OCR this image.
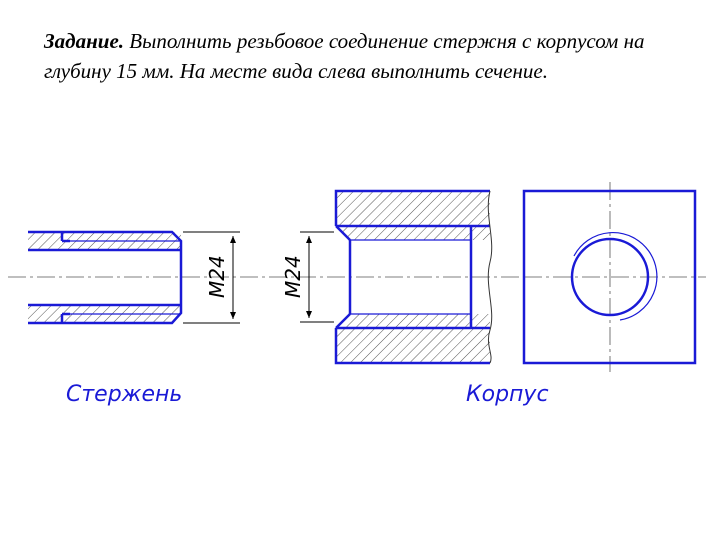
Задание. Выполнить резьбовое соединение стержня с корпусом на глубину 15 мм. На месте вида слева выполнить сечение.
M24	M24
Стержень	Корпус
